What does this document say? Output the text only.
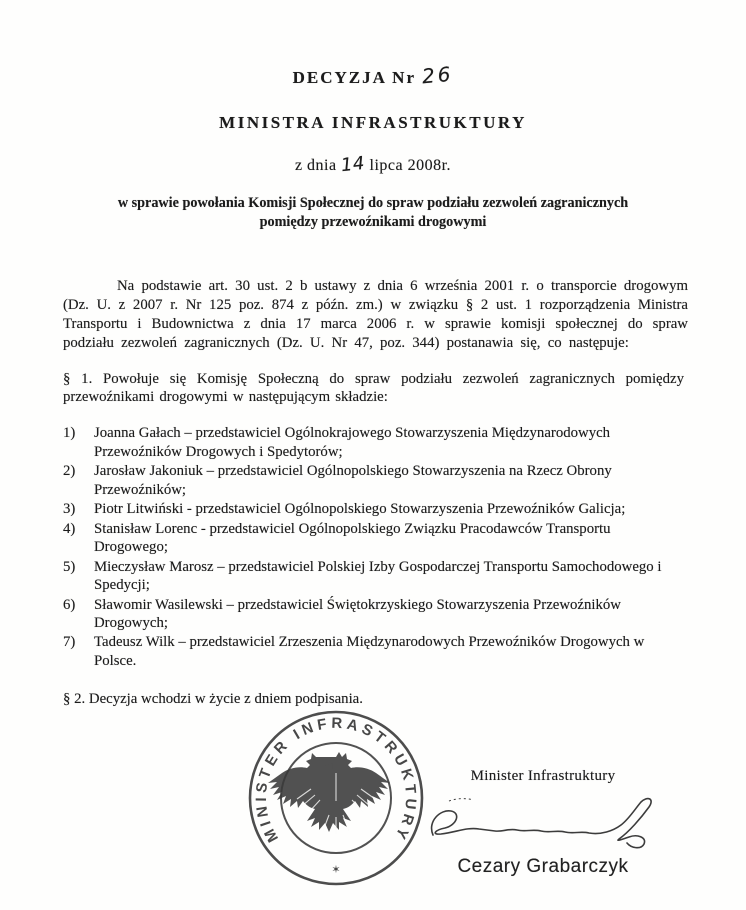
DECYZJA Nr 26
MINISTRA INFRASTRUKTURY
z dnia 14 lipca 2008r.
w sprawie powołania Komisji Społecznej do spraw podziału zezwoleń zagranicznych
pomiędzy przewoźnikami drogowymi

Na podstawie art. 30 ust. 2 b ustawy z dnia 6 września 2001 r. o transporcie drogowym (Dz. U. z 2007 r. Nr 125 poz. 874 z późn. zm.) w związku § 2 ust. 1 rozporządzenia Ministra Transportu i Budownictwa z dnia 17 marca 2006 r. w sprawie komisji społecznej do spraw podziału zezwoleń zagranicznych (Dz. U. Nr 47, poz. 344) postanawia się, co następuje:

§ 1. Powołuje się Komisję Społeczną do spraw podziału zezwoleń zagranicznych pomiędzy przewoźnikami drogowymi w następującym składzie:

1)	Joanna Gałach – przedstawiciel Ogólnokrajowego Stowarzyszenia Międzynarodowych Przewoźników Drogowych i Spedytorów;
2)	Jarosław Jakoniuk – przedstawiciel Ogólnopolskiego Stowarzyszenia na Rzecz Obrony Przewoźników;
3)	Piotr Litwiński - przedstawiciel Ogólnopolskiego Stowarzyszenia Przewoźników Galicja;
4)	Stanisław Lorenc - przedstawiciel Ogólnopolskiego Związku Pracodawców Transportu Drogowego;
5)	Mieczysław Marosz – przedstawiciel Polskiej Izby Gospodarczej Transportu Samochodowego i Spedycji;
6)	Sławomir Wasilewski – przedstawiciel Świętokrzyskiego Stowarzyszenia Przewoźników Drogowych;
7)	Tadeusz Wilk – przedstawiciel Zrzeszenia Międzynarodowych Przewoźników Drogowych w Polsce.

§ 2. Decyzja wchodzi w życie z dniem podpisania.

MINISTER INFRASTRUKTURY
✶
Minister Infrastruktury
Cezary Grabarczyk
